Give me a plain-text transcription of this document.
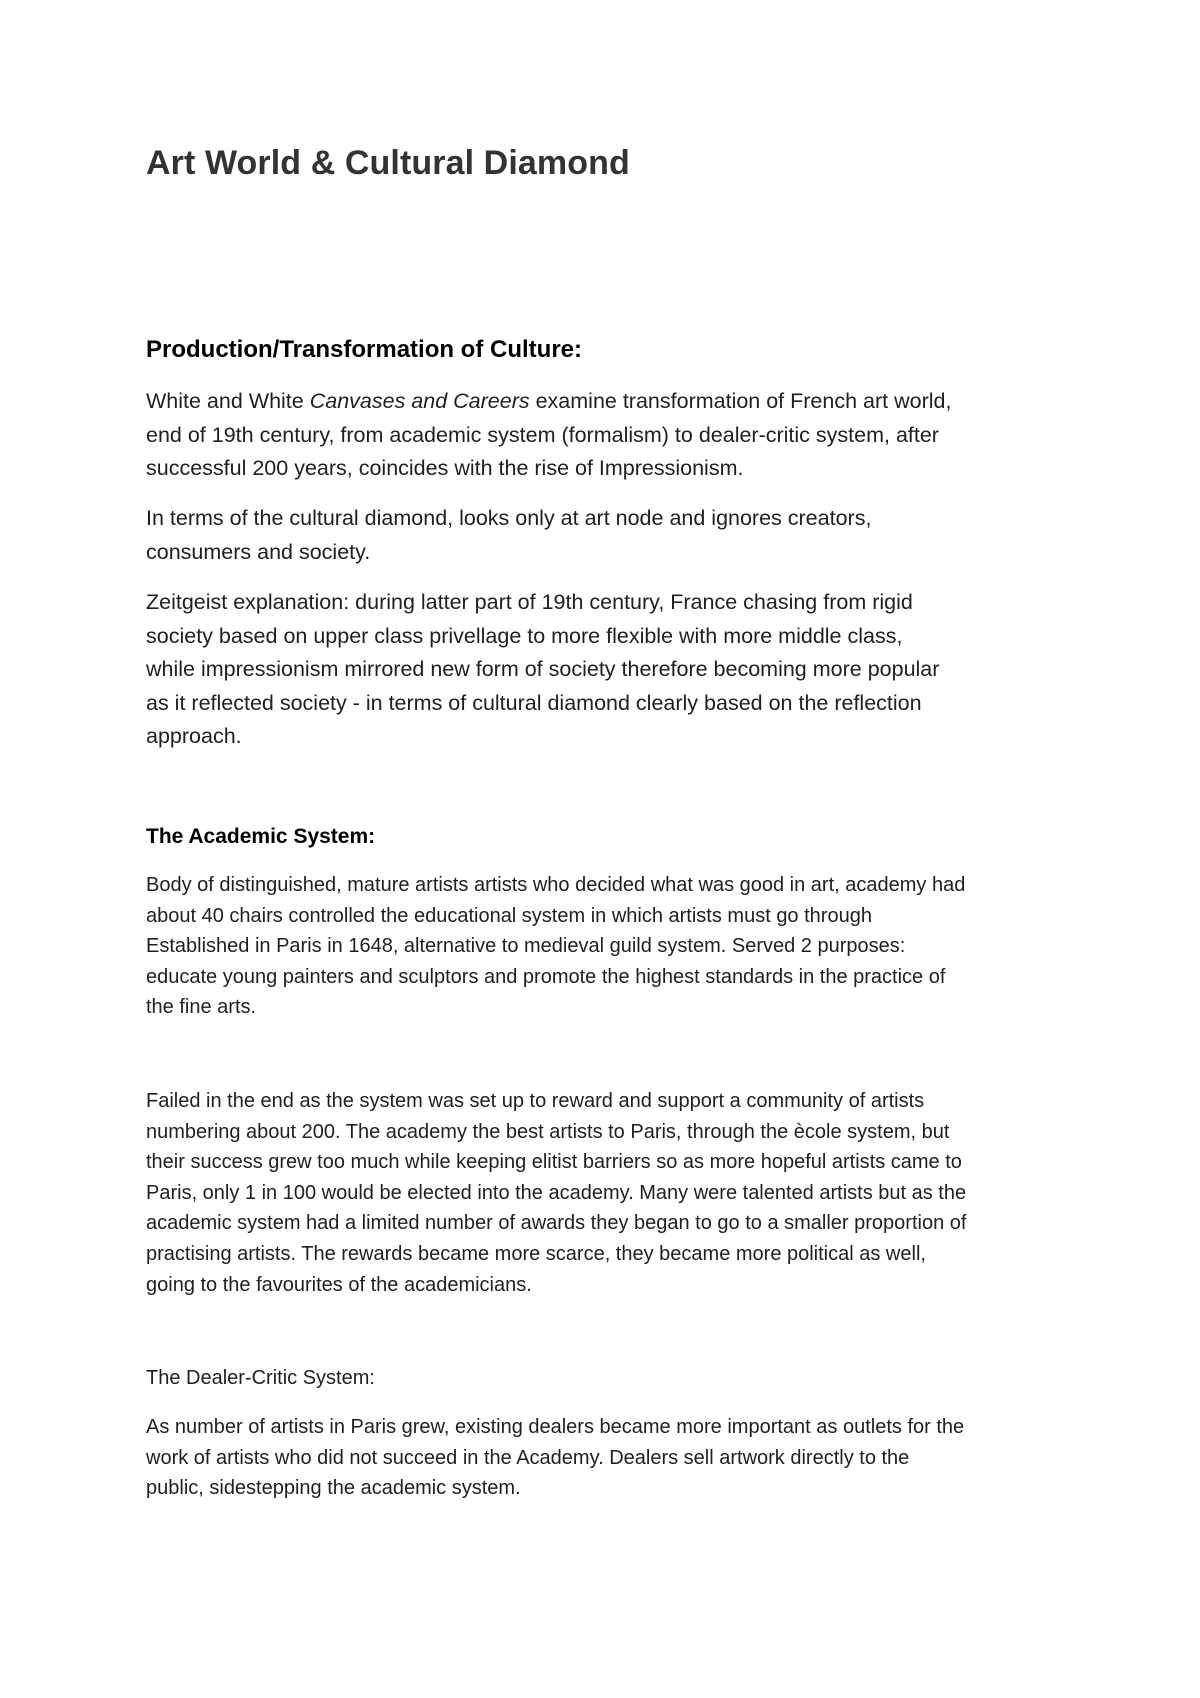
Art World & Cultural Diamond
Production/Transformation of Culture:

White and White Canvases and Careers examine transformation of French art world,
end of 19th century, from academic system (formalism) to dealer-critic system, after
successful 200 years, coincides with the rise of Impressionism.

In terms of the cultural diamond, looks only at art node and ignores creators,
consumers and society.

Zeitgeist explanation: during latter part of 19th century, France chasing from rigid
society based on upper class privellage to more flexible with more middle class,
while impressionism mirrored new form of society therefore becoming more popular
as it reflected society - in terms of cultural diamond clearly based on the reflection
approach.

The Academic System:

Body of distinguished, mature artists artists who decided what was good in art, academy had
about 40 chairs controlled the educational system in which artists must go through
Established in Paris in 1648, alternative to medieval guild system. Served 2 purposes:
educate young painters and sculptors and promote the highest standards in the practice of
the fine arts.

Failed in the end as the system was set up to reward and support a community of artists
numbering about 200. The academy the best artists to Paris, through the ècole system, but
their success grew too much while keeping elitist barriers so as more hopeful artists came to
Paris, only 1 in 100 would be elected into the academy. Many were talented artists but as the
academic system had a limited number of awards they began to go to a smaller proportion of
practising artists. The rewards became more scarce, they became more political as well,
going to the favourites of the academicians.

The Dealer-Critic System:

As number of artists in Paris grew, existing dealers became more important as outlets for the
work of artists who did not succeed in the Academy. Dealers sell artwork directly to the
public, sidestepping the academic system.
